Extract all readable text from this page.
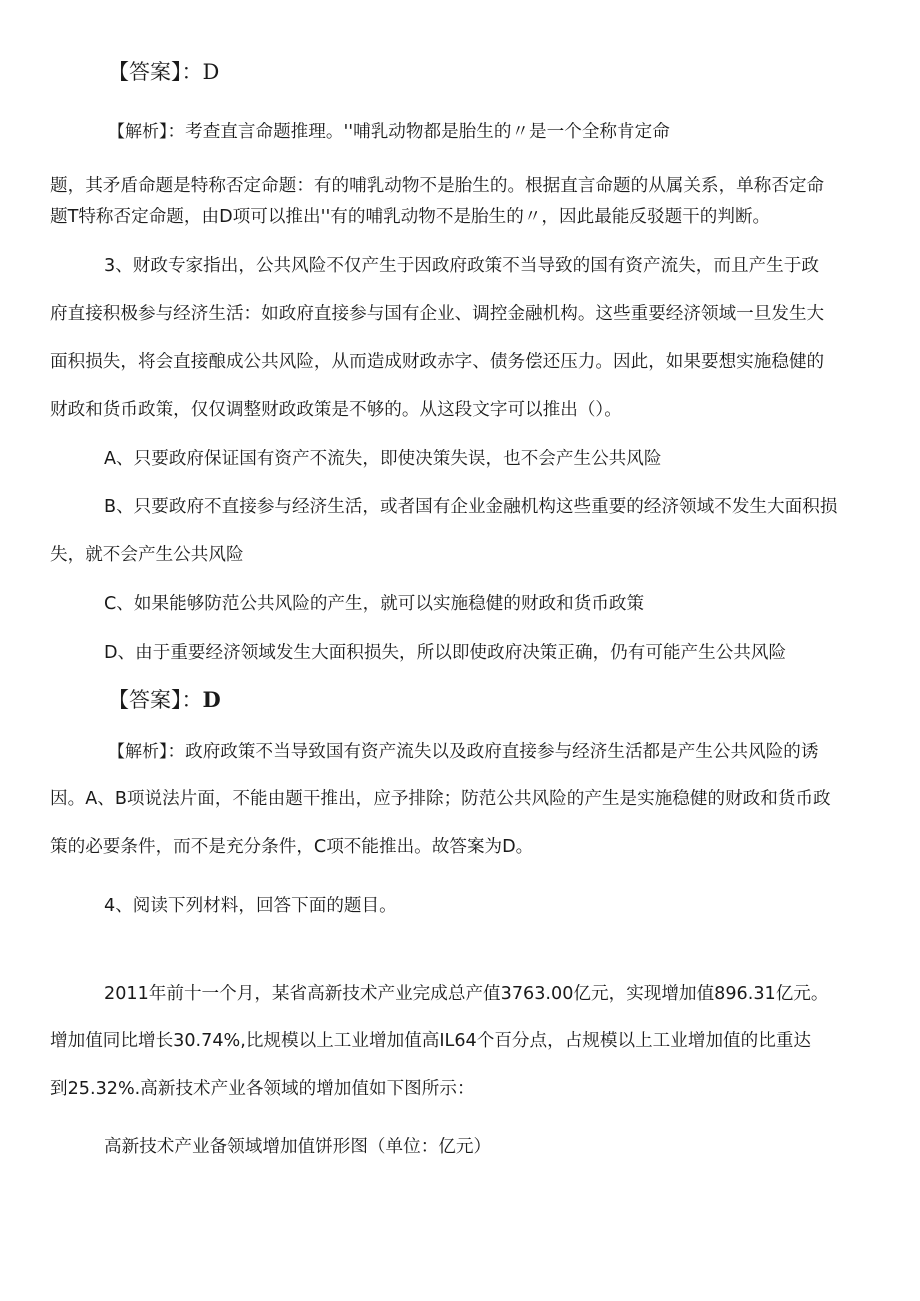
【答案】：D
【解析】：考查直言命题推理。''哺乳动物都是胎生的〃是一个全称肯定命
题，其矛盾命题是特称否定命题：有的哺乳动物不是胎生的。根据直言命题的从属关系，单称否定命
题T特称否定命题，由D项可以推出''有的哺乳动物不是胎生的〃，因此最能反驳题干的判断。
3、财政专家指出，公共风险不仅产生于因政府政策不当导致的国有资产流失，而且产生于政
府直接积极参与经济生活：如政府直接参与国有企业、调控金融机构。这些重要经济领域一旦发生大
面积损失，将会直接酿成公共风险，从而造成财政赤字、债务偿还压力。因此，如果要想实施稳健的
财政和货币政策，仅仅调整财政政策是不够的。从这段文字可以推出（）。
A、只要政府保证国有资产不流失，即使决策失误，也不会产生公共风险
B、只要政府不直接参与经济生活，或者国有企业金融机构这些重要的经济领域不发生大面积损
失，就不会产生公共风险
C、如果能够防范公共风险的产生，就可以实施稳健的财政和货币政策
D、由于重要经济领域发生大面积损失，所以即使政府决策正确，仍有可能产生公共风险
【答案】：D
【解析】：政府政策不当导致国有资产流失以及政府直接参与经济生活都是产生公共风险的诱
因。A、B项说法片面，不能由题干推出，应予排除；防范公共风险的产生是实施稳健的财政和货币政
策的必要条件，而不是充分条件，C项不能推出。故答案为D。
4、阅读下列材料，回答下面的题目。
2011年前十一个月，某省高新技术产业完成总产值3763.00亿元，实现增加值896.31亿元。
增加值同比增长30.74%,比规模以上工业增加值高IL64个百分点，占规模以上工业增加值的比重达
到25.32%.高新技术产业各领域的增加值如下图所示：
高新技术产业备领域增加值饼形图（单位：亿元）
